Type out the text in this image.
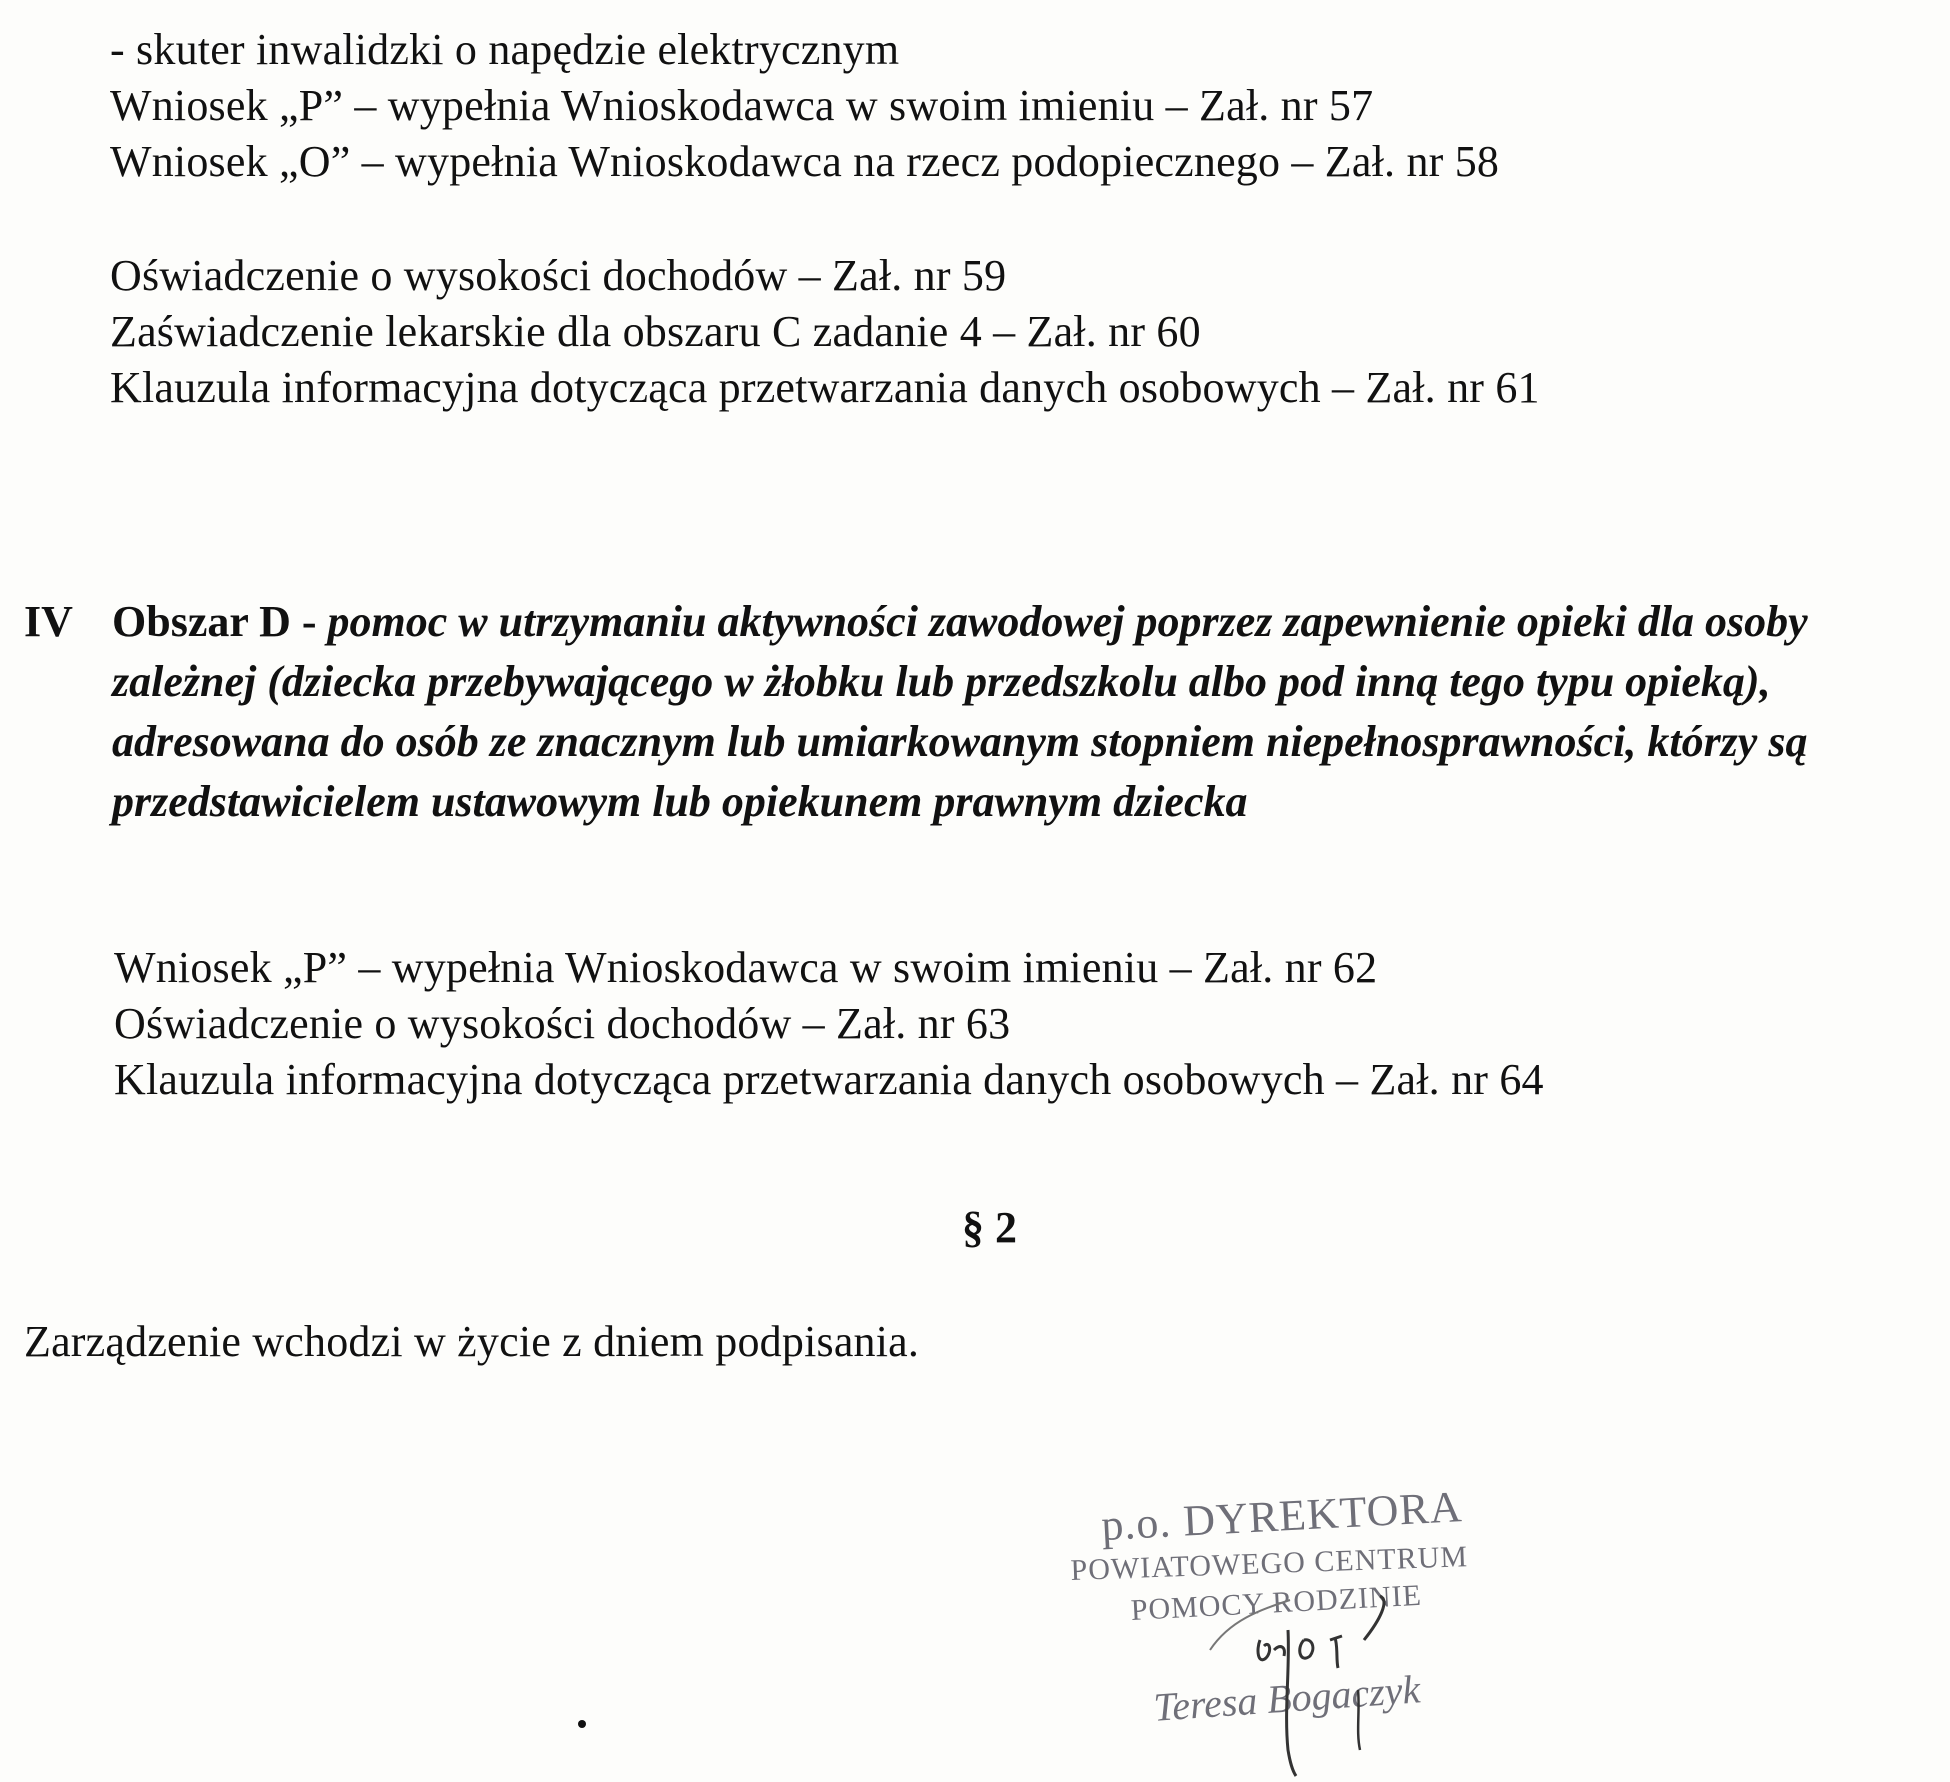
- skuter inwalidzki o napędzie elektrycznym
Wniosek „P” – wypełnia Wnioskodawca w swoim imieniu – Zał. nr 57
Wniosek „O” – wypełnia Wnioskodawca na rzecz podopiecznego – Zał. nr 58
Oświadczenie o wysokości dochodów – Zał. nr 59
Zaświadczenie lekarskie dla obszaru C zadanie 4 – Zał. nr 60
Klauzula informacyjna dotycząca przetwarzania danych osobowych – Zał. nr 61
IV Obszar D - pomoc w utrzymaniu aktywności zawodowej poprzez zapewnienie opieki dla osoby zależnej (dziecka przebywającego w żłobku lub przedszkolu albo pod inną tego typu opieką), adresowana do osób ze znacznym lub umiarkowanym stopniem niepełnosprawności, którzy są przedstawicielem ustawowym lub opiekunem prawnym dziecka
Wniosek „P” – wypełnia Wnioskodawca w swoim imieniu – Zał. nr 62
Oświadczenie o wysokości dochodów – Zał. nr 63
Klauzula informacyjna dotycząca przetwarzania danych osobowych – Zał. nr 64
§ 2
Zarządzenie wchodzi w życie z dniem podpisania.
p.o. DYREKTORA
POWIATOWEGO CENTRUM
POMOCY RODZINIE
Teresa Bogaczyk
